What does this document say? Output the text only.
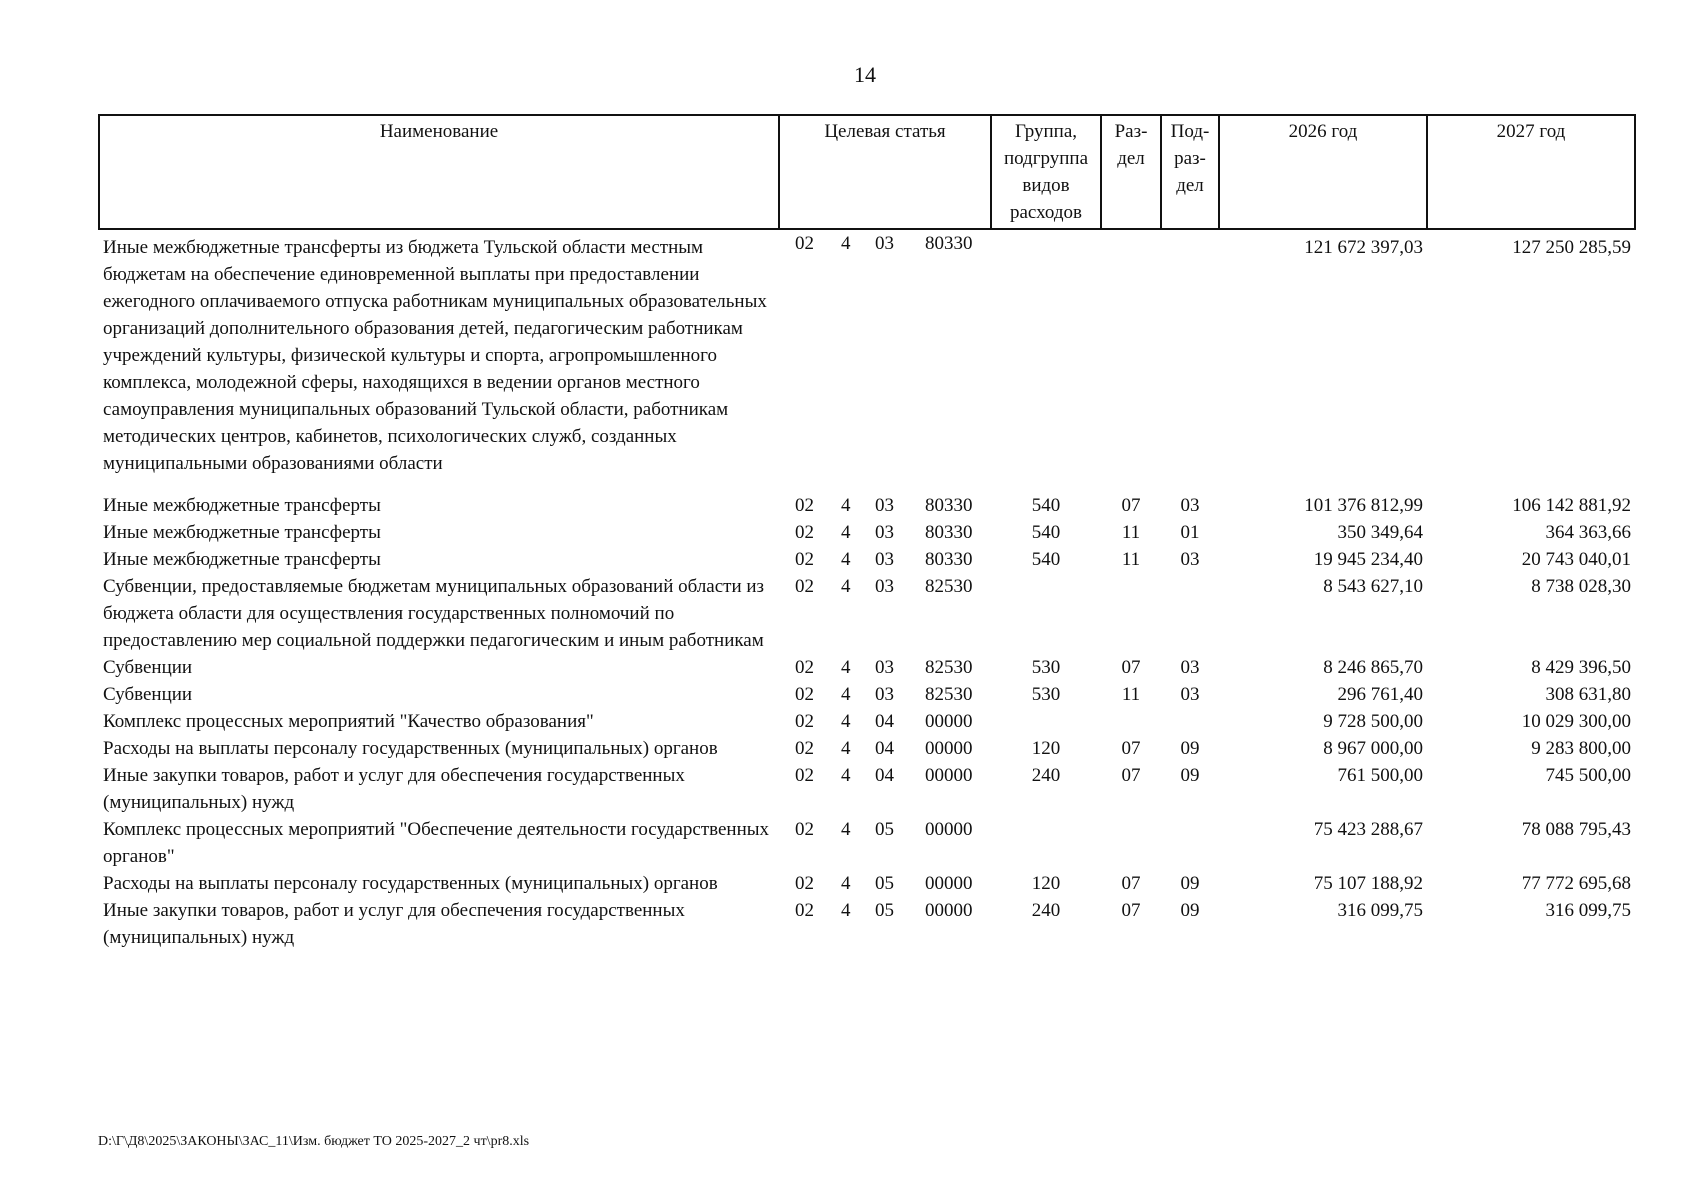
14
Наименование	Целевая статья	Группа, подгруппа видов расходов	Раз- дел	Под- раз- дел	2026 год	2027 год
Иные межбюджетные трансферты из бюджета Тульской области местным бюджетам на обеспечение единовременной выплаты при предоставлении ежегодного оплачиваемого отпуска работникам муниципальных образовательных организаций дополнительного образования детей, педагогическим работникам учреждений культуры, физической культуры и спорта, агропромышленного комплекса, молодежной сферы, находящихся в ведении органов местного самоуправления муниципальных образований Тульской области, работникам методических центров, кабинетов, психологических служб, созданных муниципальными образованиями области	02 4 03 80330				121 672 397,03	127 250 285,59
Иные межбюджетные трансферты	02 4 03 80330	540	07	03	101 376 812,99	106 142 881,92
Иные межбюджетные трансферты	02 4 03 80330	540	11	01	350 349,64	364 363,66
Иные межбюджетные трансферты	02 4 03 80330	540	11	03	19 945 234,40	20 743 040,01
Субвенции, предоставляемые бюджетам муниципальных образований области из бюджета области для осуществления государственных полномочий по предоставлению мер социальной поддержки педагогическим и иным работникам	02 4 03 82530				8 543 627,10	8 738 028,30
Субвенции	02 4 03 82530	530	07	03	8 246 865,70	8 429 396,50
Субвенции	02 4 03 82530	530	11	03	296 761,40	308 631,80
Комплекс процессных мероприятий "Качество образования"	02 4 04 00000				9 728 500,00	10 029 300,00
Расходы на выплаты персоналу государственных (муниципальных) органов	02 4 04 00000	120	07	09	8 967 000,00	9 283 800,00
Иные закупки товаров, работ и услуг для обеспечения государственных (муниципальных) нужд	02 4 04 00000	240	07	09	761 500,00	745 500,00
Комплекс процессных мероприятий "Обеспечение деятельности государственных органов"	02 4 05 00000				75 423 288,67	78 088 795,43
Расходы на выплаты персоналу государственных (муниципальных) органов	02 4 05 00000	120	07	09	75 107 188,92	77 772 695,68
Иные закупки товаров, работ и услуг для обеспечения государственных (муниципальных) нужд	02 4 05 00000	240	07	09	316 099,75	316 099,75
D:\Г\Д8\2025\ЗАКОНЫ\ЗАС_11\Изм. бюджет ТО 2025-2027_2 чт\pr8.xls
